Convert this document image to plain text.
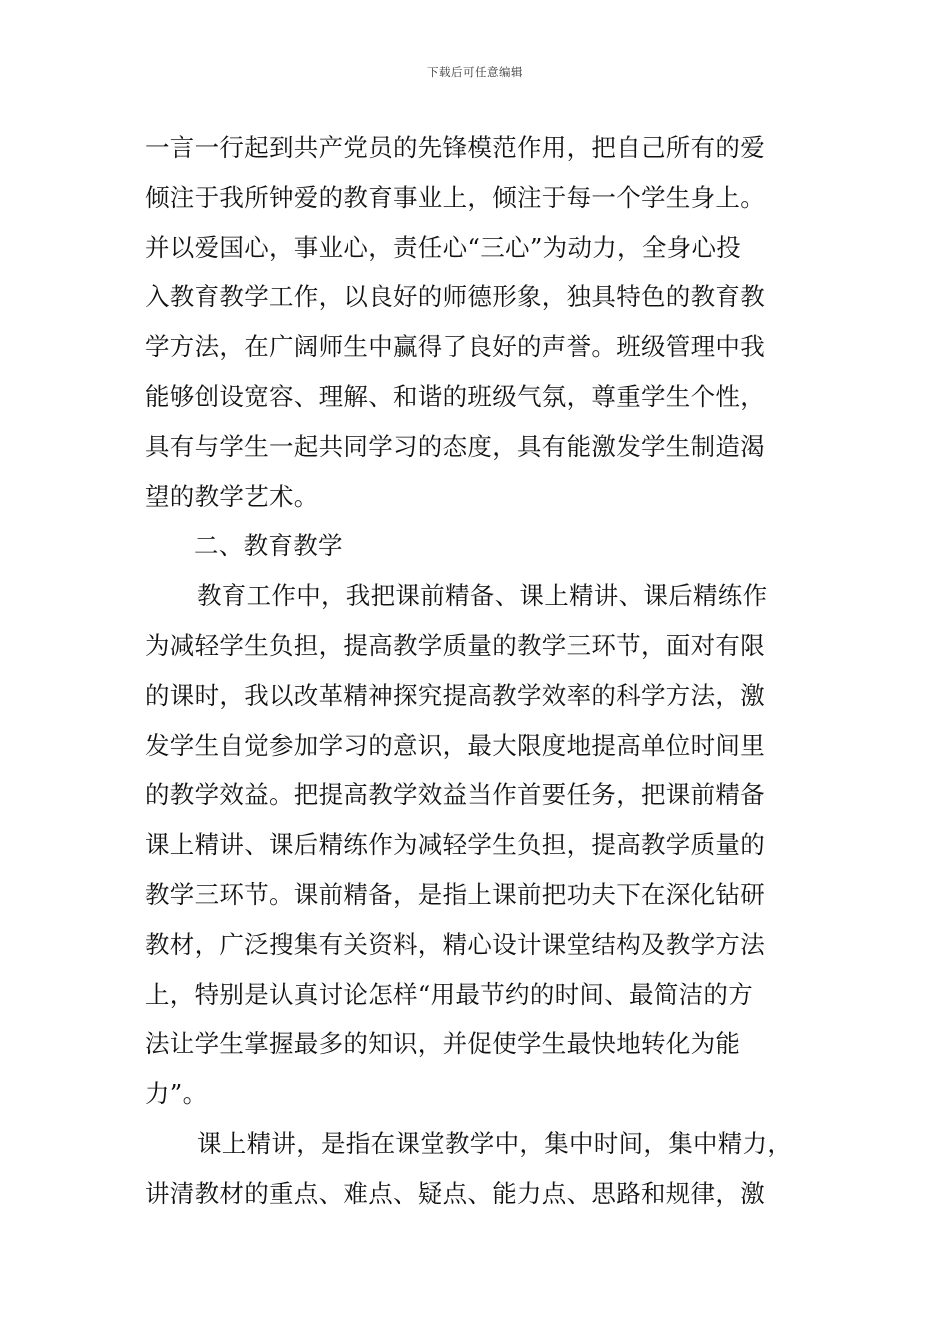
下载后可任意编辑
一言一行起到共产党员的先锋模范作用，把自己所有的爱
倾注于我所钟爱的教育事业上，倾注于每一个学生身上。
并以爱国心，事业心，责任心“三心”为动力，全身心投
入教育教学工作，以良好的师德形象，独具特色的教育教
学方法，在广阔师生中赢得了良好的声誉。班级管理中我
能够创设宽容、理解、和谐的班级气氛，尊重学生个性，
具有与学生一起共同学习的态度，具有能激发学生制造渴
望的教学艺术。
二、教育教学
教育工作中，我把课前精备、课上精讲、课后精练作
为减轻学生负担，提高教学质量的教学三环节，面对有限
的课时，我以改革精神探究提高教学效率的科学方法，激
发学生自觉参加学习的意识，最大限度地提高单位时间里
的教学效益。把提高教学效益当作首要任务，把课前精备
课上精讲、课后精练作为减轻学生负担，提高教学质量的
教学三环节。课前精备，是指上课前把功夫下在深化钻研
教材，广泛搜集有关资料，精心设计课堂结构及教学方法
上，特别是认真讨论怎样“用最节约的时间、最简洁的方
法让学生掌握最多的知识，并促使学生最快地转化为能
力”。
课上精讲，是指在课堂教学中，集中时间，集中精力，
讲清教材的重点、难点、疑点、能力点、思路和规律，激
